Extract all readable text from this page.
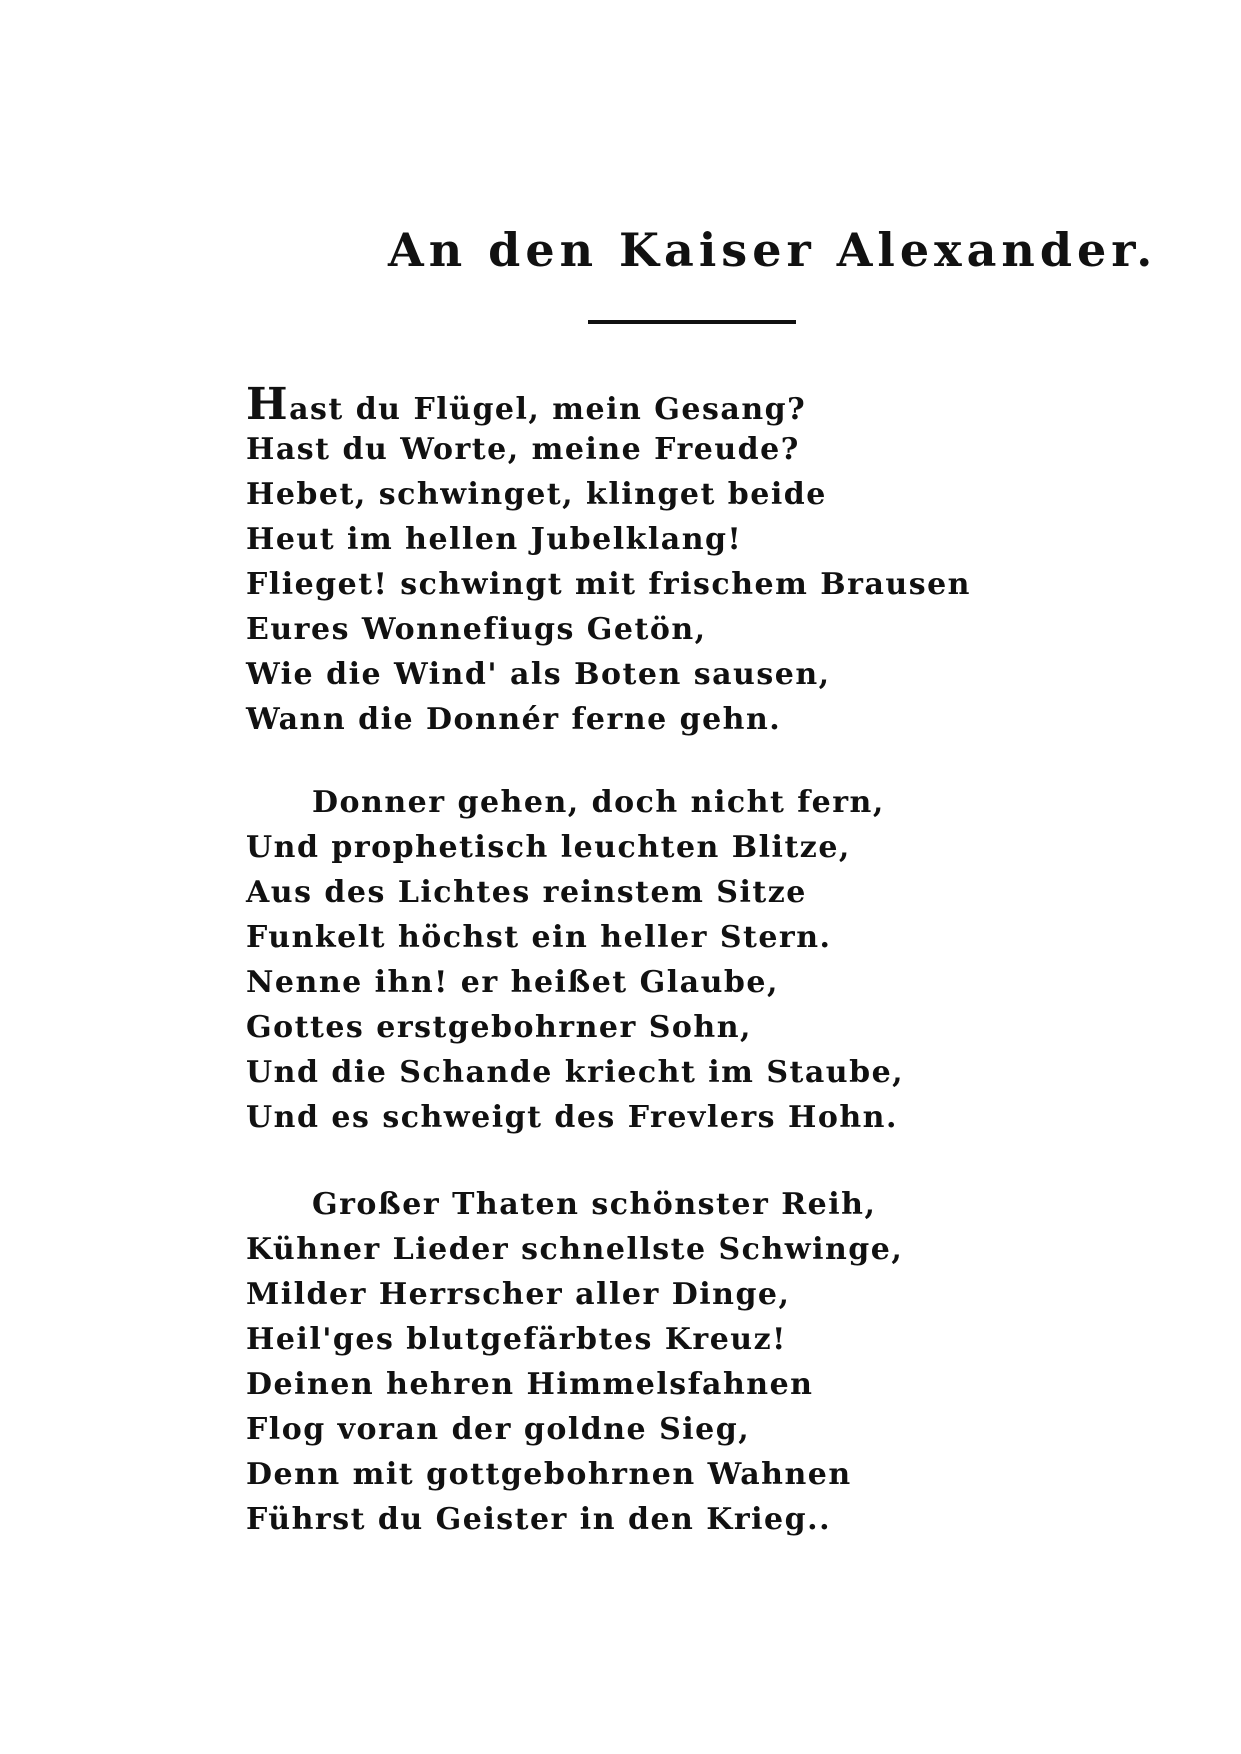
An den Kaiser Alexander.
Hast du Flügel, mein Gesang?
Hast du Worte, meine Freude?
Hebet, schwinget, klinget beide
Heut im hellen Jubelklang!
Flieget! schwingt mit frischem Brausen
Eures Wonnefiugs Getön,
Wie die Wind' als Boten sausen,
Wann die Donnér ferne gehn.
Donner gehen, doch nicht fern,
Und prophetisch leuchten Blitze,
Aus des Lichtes reinstem Sitze
Funkelt höchst ein heller Stern.
Nenne ihn! er heißet Glaube,
Gottes erstgebohrner Sohn,
Und die Schande kriecht im Staube,
Und es schweigt des Frevlers Hohn.
Großer Thaten schönster Reih,
Kühner Lieder schnellste Schwinge,
Milder Herrscher aller Dinge,
Heil'ges blutgefärbtes Kreuz!
Deinen hehren Himmelsfahnen
Flog voran der goldne Sieg,
Denn mit gottgebohrnen Wahnen
Führst du Geister in den Krieg..
